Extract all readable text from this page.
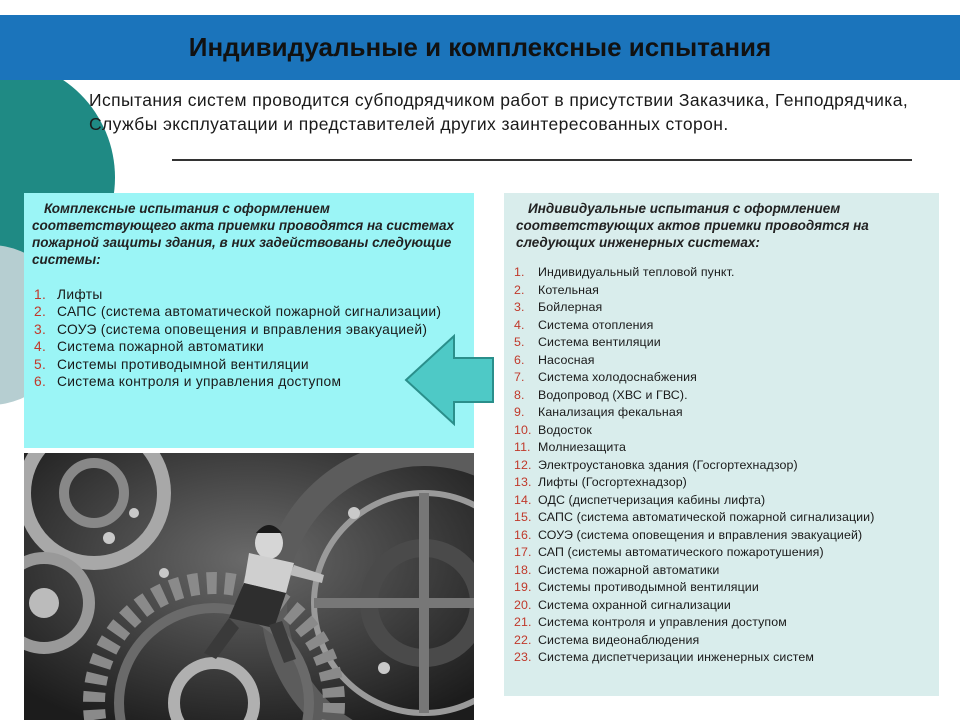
Индивидуальные и комплексные испытания
Испытания систем проводится субподрядчиком работ в присутствии Заказчика, Генподрядчика, Службы эксплуатации и представителей других заинтересованных сторон.
Комплексные испытания с оформлением соответствующего акта приемки проводятся на системах пожарной защиты здания, в них задействованы следующие системы:
1. Лифты
2. САПС (система автоматической пожарной сигнализации)
3. СОУЭ (система оповещения и вправления эвакуацией)
4. Система пожарной автоматики
5. Системы противодымной вентиляции
6. Система контроля и управления доступом
Индивидуальные испытания с оформлением соответствующих актов приемки проводятся на следующих инженерных системах:
1. Индивидуальный тепловой пункт.
2. Котельная
3. Бойлерная
4. Система отопления
5. Система вентиляции
6. Насосная
7. Система холодоснабжения
8. Водопровод (ХВС и ГВС).
9. Канализация фекальная
10. Водосток
11. Молниезащита
12. Электроустановка здания (Госгортехнадзор)
13. Лифты (Госгортехнадзор)
14. ОДС (диспетчеризация кабины лифта)
15. САПС (система автоматической пожарной сигнализации)
16. СОУЭ (система оповещения и вправления эвакуацией)
17. САП (системы автоматического пожаротушения)
18. Система пожарной автоматики
19. Системы противодымной вентиляции
20. Система охранной сигнализации
21. Система контроля и управления доступом
22. Система видеонаблюдения
23. Система диспетчеризации инженерных систем
